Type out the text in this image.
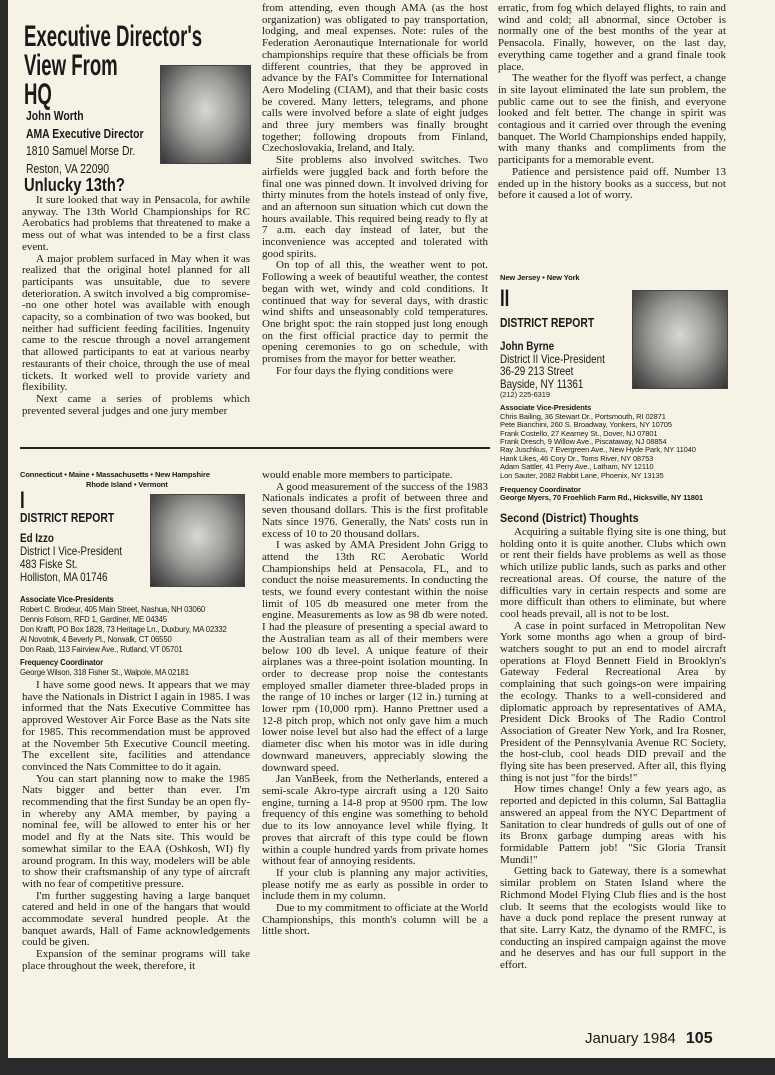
Executive Director's
View From
HQ
John Worth
AMA Executive Director
1810 Samuel Morse Dr.
Reston, VA 22090
Unlucky 13th?

It sure looked that way in Pensacola, for awhile anyway. The 13th World Championships for RC Aerobatics had problems that threatened to make a mess out of what was intended to be a first class event.

A major problem surfaced in May when it was realized that the original hotel planned for all participants was unsuitable, due to severe deterioration. A switch involved a big compromise--no one other hotel was available with enough capacity, so a combination of two was booked, but neither had sufficient feeding facilities. Ingenuity came to the rescue through a novel arrangement that allowed participants to eat at various nearby restaurants of their choice, through the use of meal tickets. It worked well to provide variety and flexibility.

Next came a series of problems which prevented several judges and one jury member

from attending, even though AMA (as the host organization) was obligated to pay transportation, lodging, and meal expenses. Note: rules of the Federation Aeronautique Internationale for world championships require that these officials be from different countries, that they be approved in advance by the FAI's Committee for International Aero Modeling (CIAM), and that their basic costs be covered. Many letters, telegrams, and phone calls were involved before a slate of eight judges and three jury members was finally brought together; following dropouts from Finland, Czechoslovakia, Ireland, and Italy.

Site problems also involved switches. Two airfields were juggled back and forth before the final one was pinned down. It involved driving for thirty minutes from the hotels instead of only five, and an afternoon sun situation which cut down the hours available. This required being ready to fly at 7 a.m. each day instead of later, but the inconvenience was accepted and tolerated with good spirits.

On top of all this, the weather went to pot. Following a week of beautiful weather, the contest began with wet, windy and cold conditions. It continued that way for several days, with drastic wind shifts and unseasonably cold temperatures. One bright spot: the rain stopped just long enough on the first official practice day to permit the opening ceremonies to go on schedule, with promises from the mayor for better weather.

For four days the flying conditions were

erratic, from fog which delayed flights, to rain and wind and cold; all abnormal, since October is normally one of the best months of the year at Pensacola. Finally, however, on the last day, everything came together and a grand finale took place.

The weather for the flyoff was perfect, a change in site layout eliminated the late sun problem, the public came out to see the finish, and everyone looked and felt better. The change in spirit was contagious and it carried over through the evening banquet. The World Championships ended happily, with many thanks and compliments from the participants for a memorable event.

Patience and persistence paid off. Number 13 ended up in the history books as a success, but not before it caused a lot of worry.

Connecticut • Maine • Massachusetts • New Hampshire
Rhode Island • Vermont
I
DISTRICT REPORT
Ed Izzo
District I Vice-President
483 Fiske St.
Holliston, MA 01746
Associate Vice-Presidents
Robert C. Brodeur, 405 Main Street, Nashua, NH 03060
Dennis Folsom, RFD 1, Gardiner, ME 04345
Don Krafft, PO Box 1828, 73 Heritage Ln., Duxbury, MA 02332
Al Novotnik, 4 Beverly Pl., Norwalk, CT 06550
Don Raab, 113 Fairview Ave., Rutland, VT 05701
Frequency Coordinator
George Wilson, 318 Fisher St., Walpole, MA 02181

I have some good news. It appears that we may have the Nationals in District I again in 1985. I was informed that the Nats Executive Committee has approved Westover Air Force Base as the Nats site for 1985. This recommendation must be approved at the November 5th Executive Council meeting. The excellent site, facilities and attendance convinced the Nats Committee to do it again.

You can start planning now to make the 1985 Nats bigger and better than ever. I'm recommending that the first Sunday be an open fly-in whereby any AMA member, by paying a nominal fee, will be allowed to enter his or her model and fly at the Nats site. This would be somewhat similar to the EAA (Oshkosh, WI) fly around program. In this way, modelers will be able to show their craftsmanship of any type of aircraft with no fear of competitive pressure.

I'm further suggesting having a large banquet catered and held in one of the hangars that would accommodate several hundred people. At the banquet awards, Hall of Fame acknowledgements could be given.

Expansion of the seminar programs will take place throughout the week, therefore, it

would enable more members to participate.

A good measurement of the success of the 1983 Nationals indicates a profit of between three and seven thousand dollars. This is the first profitable Nats since 1976. Generally, the Nats' costs run in excess of 10 to 20 thousand dollars.

I was asked by AMA President John Grigg to attend the 13th RC Aerobatic World Championships held at Pensacola, FL, and to conduct the noise measurements. In conducting the tests, we found every contestant within the noise limit of 105 db measured one meter from the engine. Measurements as low as 98 db were noted. I had the pleasure of presenting a special award to the Australian team as all of their members were below 100 db level. A unique feature of their airplanes was a three-point isolation mounting. In order to decrease prop noise the contestants employed smaller diameter three-bladed props in the range of 10 inches or larger (12 in.) turning at lower rpm (10,000 rpm). Hanno Prettner used a 12-8 pitch prop, which not only gave him a much lower noise level but also had the effect of a large diameter disc when his motor was in idle during downward maneuvers, appreciably slowing the downward speed.

Jan VanBeek, from the Netherlands, entered a semi-scale Akro-type aircraft using a 120 Saito engine, turning a 14-8 prop at 9500 rpm. The low frequency of this engine was something to behold due to its low annoyance level while flying. It proves that aircraft of this type could be flown within a couple hundred yards from private homes without fear of annoying residents.

If your club is planning any major activities, please notify me as early as possible in order to include them in my column.

Due to my commitment to officiate at the World Championships, this month's column will be a little short.

New Jersey • New York
II
DISTRICT REPORT
John Byrne
District II Vice-President
36-29 213 Street
Bayside, NY 11361
(212) 225-6319
Associate Vice-Presidents
Chris Bailing, 36 Stewart Dr., Portsmouth, RI 02871
Pete Bianchini, 260 S. Broadway, Yonkers, NY 10705
Frank Costello, 27 Kearney St., Dover, NJ 07801
Frank Dresch, 9 Willow Ave., Piscataway, NJ 08854
Ray Juschkus, 7 Evergreen Ave., New Hyde Park, NY 11040
Hank Likes, 46 Cory Dr., Toms River, NY 08753
Adam Sattler, 41 Perry Ave., Latham, NY 12110
Lon Sauter, 2082 Rabbit Lane, Phoenix, NY 13135
Frequency Coordinator
George Myers, 70 Froehlich Farm Rd., Hicksville, NY 11801
Second (District) Thoughts

Acquiring a suitable flying site is one thing, but holding onto it is quite another. Clubs which own or rent their fields have problems as well as those which utilize public lands, such as parks and other recreational areas. Of course, the nature of the difficulties vary in certain respects and some are more difficult than others to eliminate, but where cool heads prevail, all is not to be lost.

A case in point surfaced in Metropolitan New York some months ago when a group of bird-watchers sought to put an end to model aircraft operations at Floyd Bennett Field in Brooklyn's Gateway Federal Recreational Area by complaining that such goings-on were impairing the ecology. Thanks to a well-considered and diplomatic approach by representatives of AMA, President Dick Brooks of The Radio Control Association of Greater New York, and Ira Rosner, President of the Pennsylvania Avenue RC Society, the host-club, cool heads DID prevail and the flying site has been preserved. After all, this flying thing is not just "for the birds!"

How times change! Only a few years ago, as reported and depicted in this column, Sal Battaglia answered an appeal from the NYC Department of Sanitation to clear hundreds of gulls out of one of its Bronx garbage dumping areas with his formidable Pattern job! "Sic Gloria Transit Mundi!"

Getting back to Gateway, there is a somewhat similar problem on Staten Island where the Richmond Model Flying Club flies and is the host club. It seems that the ecologists would like to have a duck pond replace the present runway at that site. Larry Katz, the dynamo of the RMFC, is conducting an inspired campaign against the move and he deserves and has our full support in the effort.

January 1984 105
